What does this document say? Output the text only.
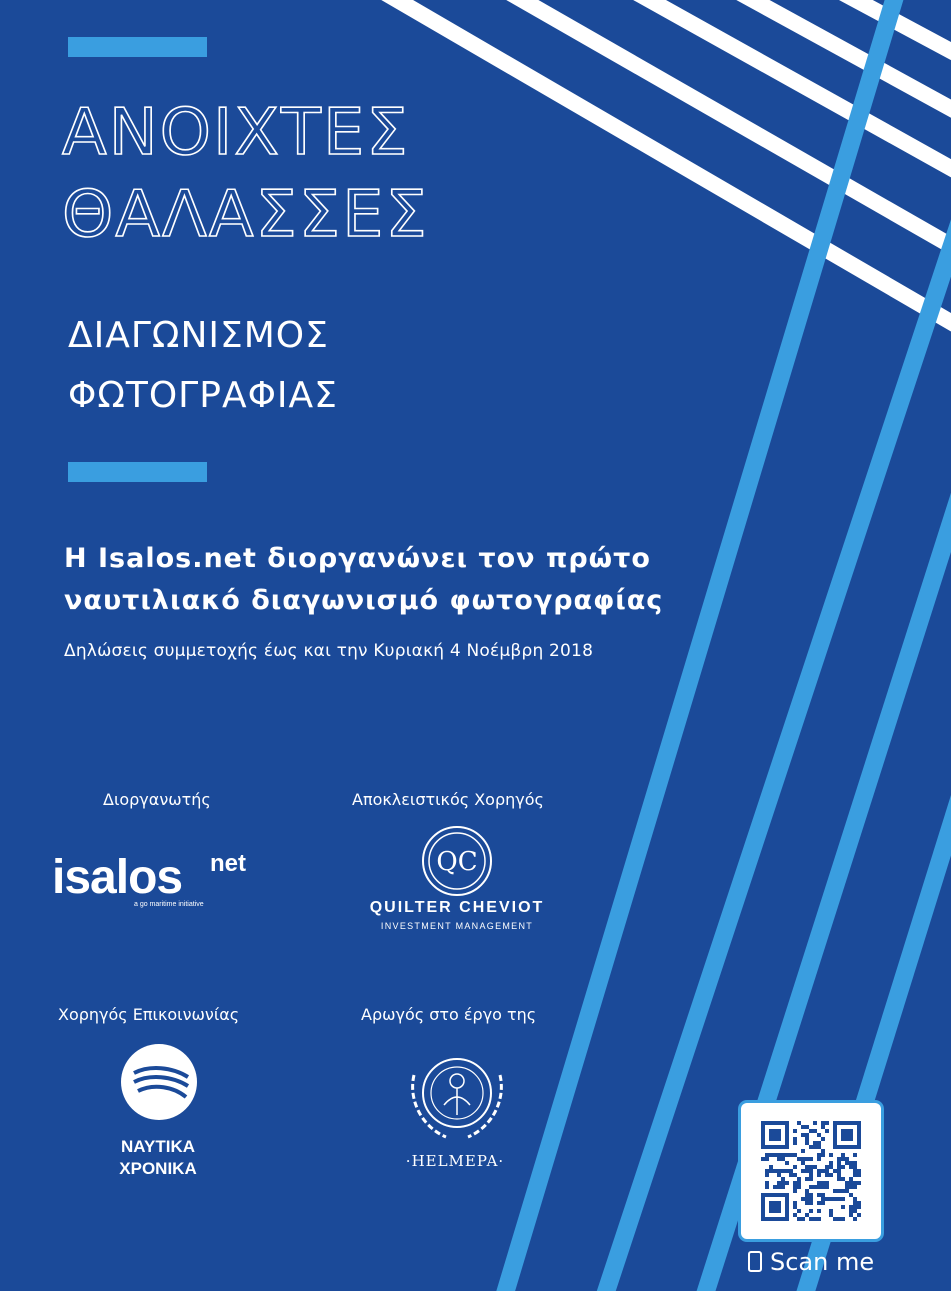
ΑΝΟΙΧΤΕΣ
ΘΑΛΑΣΣΕΣ
ΔΙΑΓΩΝΙΣΜΟΣ
ΦΩΤΟΓΡΑΦΙΑΣ
Η Isalos.net διοργανώνει τον πρώτο
ναυτιλιακό διαγωνισμό φωτογραφίας
Δηλώσεις συμμετοχής έως και την Κυριακή 4 Νοέμβρη 2018
Διοργανωτής
isalos net
a go maritime initiative
Αποκλειστικός Χορηγός
QC
QUILTER CHEVIOT
INVESTMENT MANAGEMENT
Χορηγός Επικοινωνίας
ΝΑΥΤΙΚΑ
ΧΡΟΝΙΚΑ
Αρωγός στο έργο της
·HELMEPA·
Scan me
